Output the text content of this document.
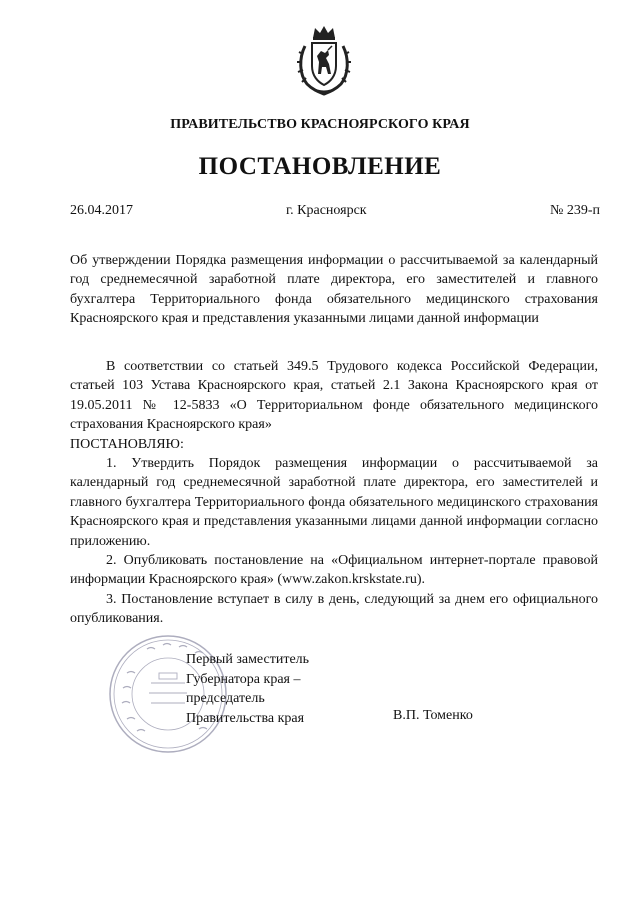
ПРАВИТЕЛЬСТВО КРАСНОЯРСКОГО КРАЯ
ПОСТАНОВЛЕНИЕ
26.04.2017	г. Красноярск	№ 239-п
Об утверждении Порядка размещения информации о рассчитываемой за календарный год среднемесячной заработной плате директора, его заместителей и главного бухгалтера Территориального фонда обязательного медицинского страхования Красноярского края и представления указанными лицами данной информации

В соответствии со статьей 349.5 Трудового кодекса Российской Федерации, статьей 103 Устава Красноярского края, статьей 2.1 Закона Красноярского края от 19.05.2011 № 12-5833 «О Территориальном фонде обязательного медицинского страхования Красноярского края»

ПОСТАНОВЛЯЮ:

1. Утвердить Порядок размещения информации о рассчитываемой за календарный год среднемесячной заработной плате директора, его заместителей и главного бухгалтера Территориального фонда обязательного медицинского страхования Красноярского края и представления указанными лицами данной информации согласно приложению.

2. Опубликовать постановление на «Официальном интернет-портале правовой информации Красноярского края» (www.zakon.krskstate.ru).

3. Постановление вступает в силу в день, следующий за днем его официального опубликования.

Первый заместитель
Губернатора края –
председатель
Правительства края	В.П. Томенко
